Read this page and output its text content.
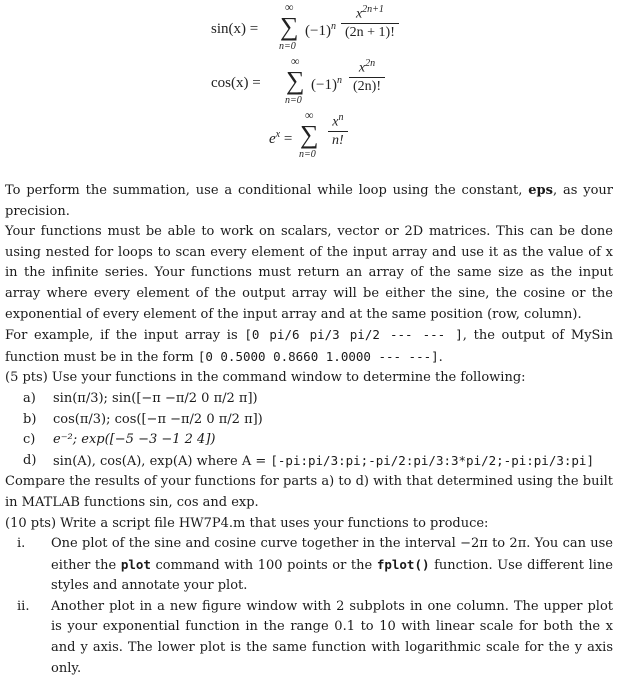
sin(x) =
∞
∑
n=0
$(-1)^n \frac{x^{2n+1}}{(2n + 1)!}$
cos(x) =
∞
∑
n=0
$(-1)^n \frac{x^{2n}}{(2n)!}$
$e^x$ =
∞
∑
n=0
$\frac{x^n}{n!}$

To perform the summation, use a conditional while loop using the constant, eps, as your precision.

Your functions must be able to work on scalars, vector or 2D matrices. This can be done using nested for loops to scan every element of the input array and use it as the value of x in the infinite series. Your functions must return an array of the same size as the input array where every element of the output array will be either the sine, the cosine or the exponential of every element of the input array and at the same position (row, column).

For example, if the input array is [0 pi/6 pi/3 pi/2 --- --- ], the output of MySin function must be in the form [0 0.5000 0.8660 1.0000 --- ---].

(5 pts) Use your functions in the command window to determine the following:

a)	sin(π/3); sin([−π −π/2 0 π/2 π])
b)	cos(π/3); cos([−π −π/2 0 π/2 π])
c)	e⁻²; exp([−5 −3 −1 2 4])
d)	sin(A), cos(A), exp(A) where A = [-pi:pi/3:pi;-pi/2:pi/3:3*pi/2;-pi:pi/3:pi]

Compare the results of your functions for parts a) to d) with that determined using the built in MATLAB functions sin, cos and exp.

(10 pts) Write a script file HW7P4.m that uses your functions to produce:

i.	One plot of the sine and cosine curve together in the interval −2π to 2π. You can use either the plot command with 100 points or the fplot() function. Use different line styles and annotate your plot.
ii.	Another plot in a new figure window with 2 subplots in one column. The upper plot is your exponential function in the range 0.1 to 10 with linear scale for both the x and y axis. The lower plot is the same function with logarithmic scale for the y axis only.
